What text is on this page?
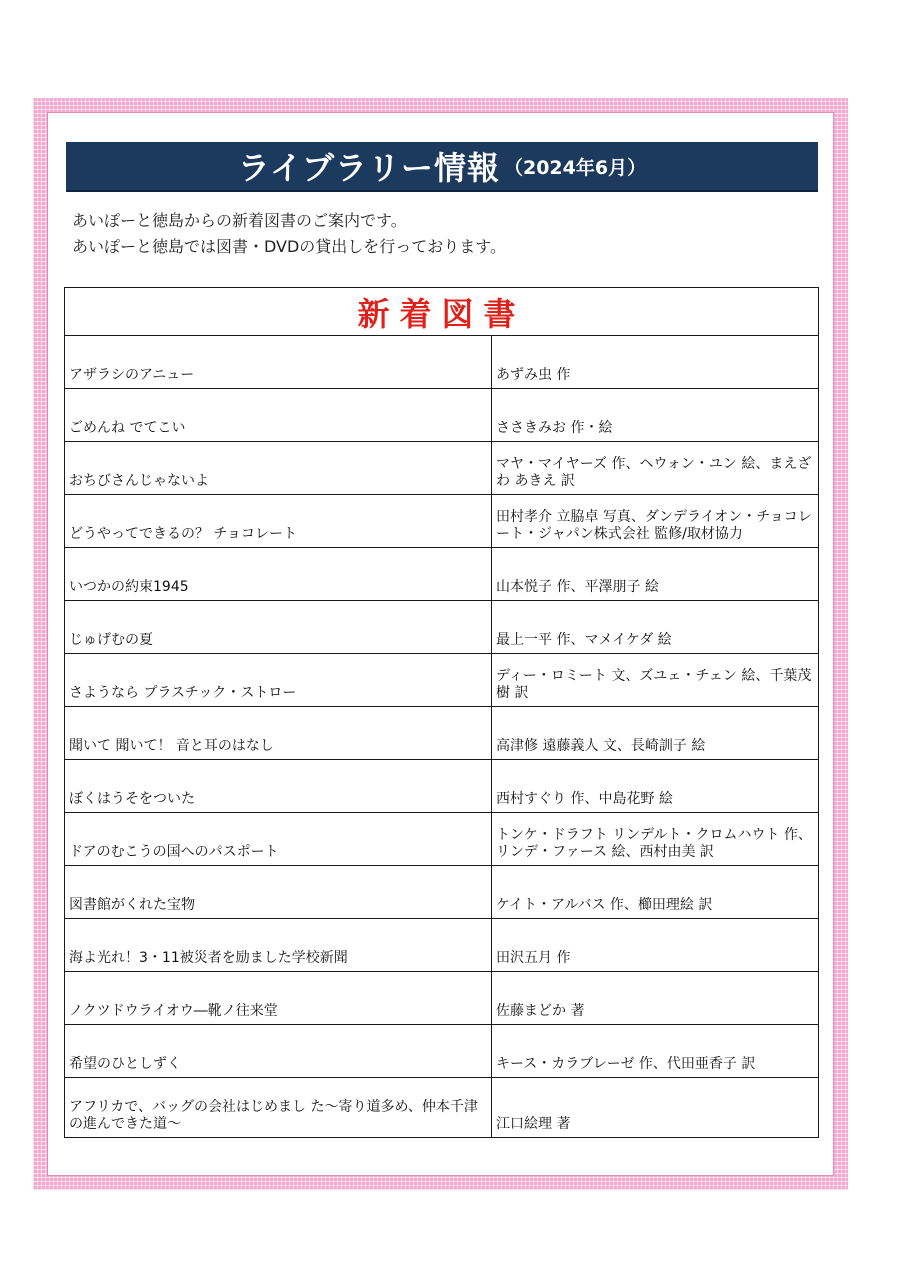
ライブラリー情報 （2024年6月）
あいぽーと徳島からの新着図書のご案内です。
あいぽーと徳島では図書・DVDの貸出しを行っております。
新着図書	
アザラシのアニュー	あずみ虫 作
ごめんね でてこい	ささきみお 作・絵
おちびさんじゃないよ	マヤ・マイヤーズ 作、ヘウォン・ユン 絵、まえざわ あきえ 訳
どうやってできるの？ チョコレート	田村孝介 立脇卓 写真、ダンデライオン・チョコレート・ジャパン株式会社 監修/取材協力
いつかの約束1945	山本悦子 作、平澤朋子 絵
じゅげむの夏	最上一平 作、マメイケダ 絵
さようなら プラスチック・ストロー	ディー・ロミート 文、ズユェ・チェン 絵、千葉茂樹 訳
聞いて 聞いて！ 音と耳のはなし	高津修 遠藤義人 文、長崎訓子 絵
ぼくはうそをついた	西村すぐり 作、中島花野 絵
ドアのむこうの国へのパスポート	トンケ・ドラフト リンデルト・クロムハウト 作、リンデ・ファース 絵、西村由美 訳
図書館がくれた宝物	ケイト・アルバス 作、櫛田理絵 訳
海よ光れ！3・11被災者を励ました学校新聞	田沢五月 作
ノクツドウライオウ―靴ノ往来堂	佐藤まどか 著
希望のひとしずく	キース・カラブレーゼ 作、代田亜香子 訳
アフリカで、バッグの会社はじめまし た～寄り道多め、仲本千津の進んできた道～	江口絵理 著
